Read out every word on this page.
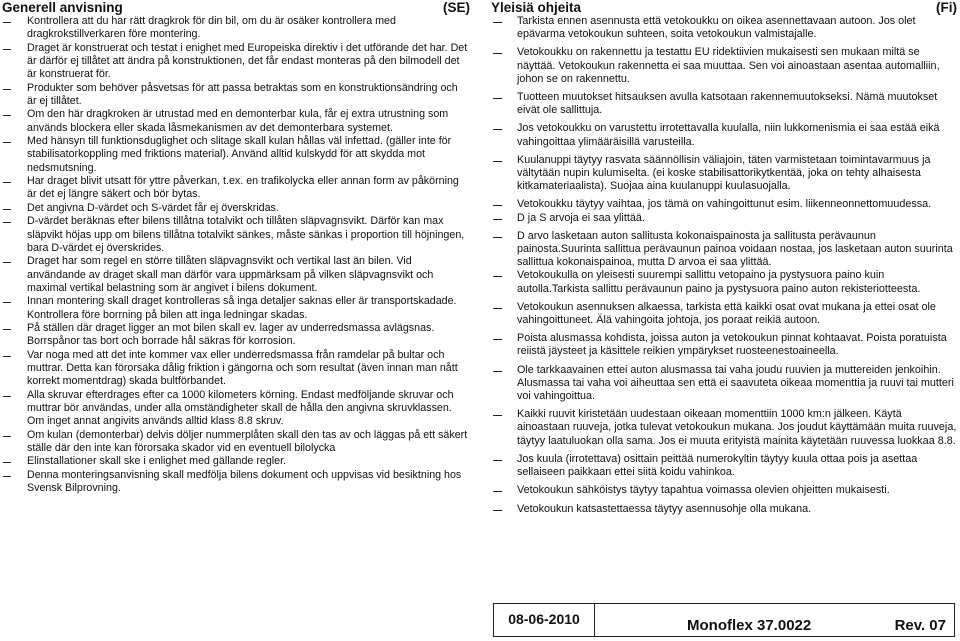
Generell anvisning	(SE)
Kontrollera att du har rätt dragkrok för din bil, om du är osäker kontrollera med dragkrokstillverkaren före montering.
Draget är konstruerat och testat i enighet med Europeiska direktiv i det utförande det har. Det är därför ej tillåtet att ändra på konstruktionen, det får endast monteras på den bilmodell det är konstruerat för.
Produkter som behöver påsvetsas för att passa betraktas som en konstruktionsändring och är ej tillåtet.
Om den här dragkroken är utrustad med en demonterbar kula, får ej extra utrustning som används blockera eller skada låsmekanismen av det demonterbara systemet.
Med hänsyn till funktionsduglighet och slitage skall kulan hållas väl infettad. (gäller inte för stabilisatorkoppling med friktions material). Använd alltid kulskydd för att skydda mot nedsmutsning.
Har draget blivit utsatt för yttre påverkan, t.ex. en trafikolycka eller annan form av påkörning är det ej längre säkert och bör bytas.
Det angivna D-värdet och S-värdet får ej överskridas.
D-värdet beräknas efter bilens tillåtna totalvikt och tillåten släpvagnsvikt. Därför kan max släpvikt höjas upp om bilens tillåtna totalvikt sänkes, måste sänkas i proportion till höjningen, bara D-värdet ej överskrides.
Draget har som regel en större tillåten släpvagnsvikt och vertikal last än bilen. Vid användande av draget skall man därför vara uppmärksam på vilken släpvagnsvikt och maximal vertikal belastning som är angivet i bilens dokument.
Innan montering skall draget kontrolleras så inga detaljer saknas eller är transportskadade. Kontrollera före borrning på bilen att inga ledningar skadas.
På ställen där draget ligger an mot bilen skall ev. lager av underredsmassa avlägsnas. Borrspånor tas bort och borrade hål säkras för korrosion.
Var noga med att det inte kommer vax eller underredsmassa från ramdelar på bultar och muttrar. Detta kan förorsaka dålig friktion i gängorna och som resultat (även innan man nått korrekt momentdrag) skada bultförbandet.
Alla skruvar efterdrages efter ca 1000 kilometers körning. Endast medföljande skruvar och muttrar bör användas, under alla omständigheter skall de hålla den angivna skruvklassen. Om inget annat angivits används alltid klass 8.8 skruv.
Om kulan (demonterbar) delvis döljer nummerplåten skall den tas av och läggas på ett säkert ställe där den inte kan förorsaka skador vid en eventuell bilolycka
Elinstallationer skall ske i enlighet med gällande regler.
Denna monteringsanvisning skall medfölja bilens dokument och uppvisas vid besiktning hos Svensk Bilprovning.
Yleisiä ohjeita	(Fi)
Tarkista ennen asennusta että vetokoukku on oikea asennettavaan autoon. Jos olet epävarma vetokoukun suhteen, soita vetokoukun valmistajalle.
Vetokoukku on rakennettu ja testattu EU ridektiivien mukaisesti sen mukaan miltä se näyttää. Vetokoukun rakennetta ei saa muuttaa. Sen voi ainoastaan asentaa automalliin, johon se on rakennettu.
Tuotteen muutokset hitsauksen avulla katsotaan rakennemuutokseksi. Nämä muutokset eivät ole sallittuja.
Jos vetokoukku on varustettu irrotettavalla kuulalla, niin lukkomenismia ei saa estää eikä vahingoittaa ylimääräisillä varusteilla.
Kuulanuppi täytyy rasvata säännöllisin väliajoin, täten varmistetaan toimintavarmuus ja vältytään nupin kulumiselta. (ei koske stabilisattorikytkentää, joka on tehty alhaisesta kitkamateriaalista). Suojaa aina kuulanuppi kuulasuojalla.
Vetokoukku täytyy vaihtaa, jos tämä on vahingoittunut esim. liikenneonnettomuudessa.
D ja S arvoja ei saa ylittää.
D arvo lasketaan auton sallitusta kokonaispainosta ja sallitusta perävaunun painosta.Suurinta sallittua perävaunun painoa voidaan nostaa, jos lasketaan auton suurinta sallittua kokonaispainoa, mutta D arvoa ei saa ylittää.
Vetokoukulla on yleisesti suurempi sallittu vetopaino ja pystysuora paino kuin autolla.Tarkista sallittu perävaunun paino ja pystysuora paino auton rekisteriotteesta.
Vetokoukun asennuksen alkaessa, tarkista että kaikki osat ovat mukana ja ettei osat ole vahingoittuneet. Älä vahingoita johtoja, jos poraat reikiä autoon.
Poista alusmassa kohdista, joissa auton ja vetokoukun pinnat kohtaavat. Poista poratuista reiistä jäysteet ja käsittele reikien ympärykset ruosteenestoaineella.
Ole tarkkaavainen ettei auton alusmassa tai vaha joudu ruuvien ja muttereiden jenkoihin. Alusmassa tai vaha voi aiheuttaa sen että ei saavuteta oikeaa momenttia ja ruuvi tai mutteri voi vahingoittua.
Kaikki ruuvit kiristetään uudestaan oikeaan momenttiin 1000 km:n jälkeen. Käytä ainoastaan ruuveja, jotka tulevat vetokoukun mukana. Jos joudut käyttämään muita ruuveja, täytyy laatuluokan olla sama. Jos ei muuta erityistä mainita käytetään ruuvessa luokkaa 8.8.
Jos kuula (irrotettava) osittain peittää numerokyltin täytyy kuula ottaa pois ja asettaa sellaiseen paikkaan ettei siitä koidu vahinkoa.
Vetokoukun sähköistys täytyy tapahtua voimassa olevien ohjeitten mukaisesti.
Vetokoukun katsastettaessa täytyy asennusohje olla mukana.
08-06-2010	Monoflex 37.0022	Rev. 07
